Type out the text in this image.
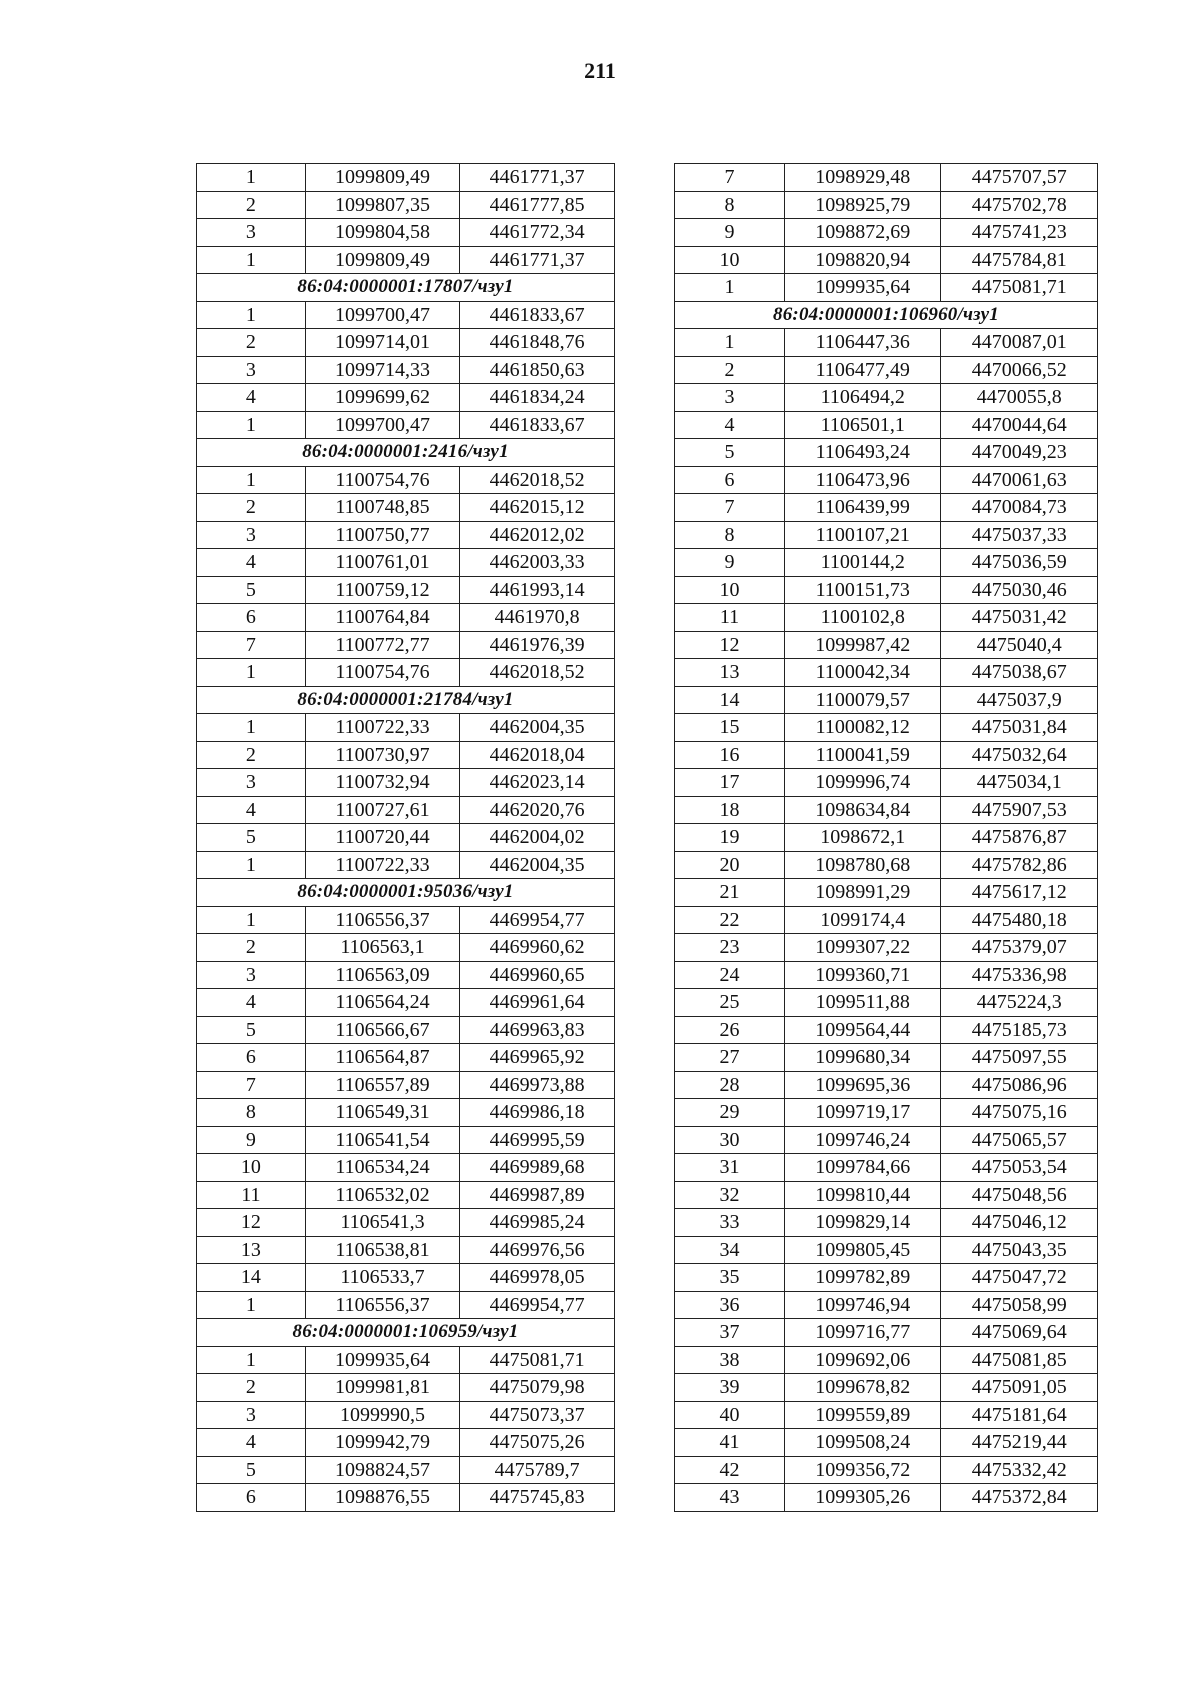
211
1	1099809,49	4461771,37
2	1099807,35	4461777,85
3	1099804,58	4461772,34
1	1099809,49	4461771,37
86:04:0000001:17807/чзу1		
1	1099700,47	4461833,67
2	1099714,01	4461848,76
3	1099714,33	4461850,63
4	1099699,62	4461834,24
1	1099700,47	4461833,67
86:04:0000001:2416/чзу1		
1	1100754,76	4462018,52
2	1100748,85	4462015,12
3	1100750,77	4462012,02
4	1100761,01	4462003,33
5	1100759,12	4461993,14
6	1100764,84	4461970,8
7	1100772,77	4461976,39
1	1100754,76	4462018,52
86:04:0000001:21784/чзу1		
1	1100722,33	4462004,35
2	1100730,97	4462018,04
3	1100732,94	4462023,14
4	1100727,61	4462020,76
5	1100720,44	4462004,02
1	1100722,33	4462004,35
86:04:0000001:95036/чзу1		
1	1106556,37	4469954,77
2	1106563,1	4469960,62
3	1106563,09	4469960,65
4	1106564,24	4469961,64
5	1106566,67	4469963,83
6	1106564,87	4469965,92
7	1106557,89	4469973,88
8	1106549,31	4469986,18
9	1106541,54	4469995,59
10	1106534,24	4469989,68
11	1106532,02	4469987,89
12	1106541,3	4469985,24
13	1106538,81	4469976,56
14	1106533,7	4469978,05
1	1106556,37	4469954,77
86:04:0000001:106959/чзу1		
1	1099935,64	4475081,71
2	1099981,81	4475079,98
3	1099990,5	4475073,37
4	1099942,79	4475075,26
5	1098824,57	4475789,7
6	1098876,55	4475745,83
7	1098929,48	4475707,57
8	1098925,79	4475702,78
9	1098872,69	4475741,23
10	1098820,94	4475784,81
1	1099935,64	4475081,71
86:04:0000001:106960/чзу1		
1	1106447,36	4470087,01
2	1106477,49	4470066,52
3	1106494,2	4470055,8
4	1106501,1	4470044,64
5	1106493,24	4470049,23
6	1106473,96	4470061,63
7	1106439,99	4470084,73
8	1100107,21	4475037,33
9	1100144,2	4475036,59
10	1100151,73	4475030,46
11	1100102,8	4475031,42
12	1099987,42	4475040,4
13	1100042,34	4475038,67
14	1100079,57	4475037,9
15	1100082,12	4475031,84
16	1100041,59	4475032,64
17	1099996,74	4475034,1
18	1098634,84	4475907,53
19	1098672,1	4475876,87
20	1098780,68	4475782,86
21	1098991,29	4475617,12
22	1099174,4	4475480,18
23	1099307,22	4475379,07
24	1099360,71	4475336,98
25	1099511,88	4475224,3
26	1099564,44	4475185,73
27	1099680,34	4475097,55
28	1099695,36	4475086,96
29	1099719,17	4475075,16
30	1099746,24	4475065,57
31	1099784,66	4475053,54
32	1099810,44	4475048,56
33	1099829,14	4475046,12
34	1099805,45	4475043,35
35	1099782,89	4475047,72
36	1099746,94	4475058,99
37	1099716,77	4475069,64
38	1099692,06	4475081,85
39	1099678,82	4475091,05
40	1099559,89	4475181,64
41	1099508,24	4475219,44
42	1099356,72	4475332,42
43	1099305,26	4475372,84
